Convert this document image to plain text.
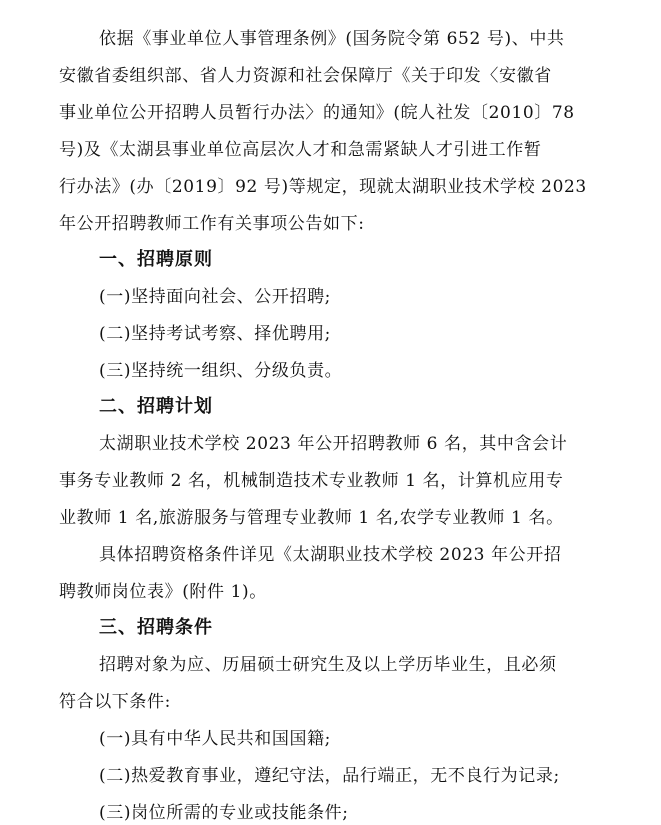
依据《事业单位人事管理条例》(国务院令第 652 号)、中共
安徽省委组织部、省人力资源和社会保障厅《关于印发〈安徽省
事业单位公开招聘人员暂行办法〉的通知》(皖人社发〔2010〕78
号)及《太湖县事业单位高层次人才和急需紧缺人才引进工作暂
行办法》(办〔2019〕92 号)等规定，现就太湖职业技术学校 2023
年公开招聘教师工作有关事项公告如下:
一、招聘原则
(一)坚持面向社会、公开招聘;
(二)坚持考试考察、择优聘用;
(三)坚持统一组织、分级负责。
二、招聘计划
太湖职业技术学校 2023 年公开招聘教师 6 名，其中含会计
事务专业教师 2 名，机械制造技术专业教师 1 名，计算机应用专
业教师 1 名,旅游服务与管理专业教师 1 名,农学专业教师 1 名。
具体招聘资格条件详见《太湖职业技术学校 2023 年公开招
聘教师岗位表》(附件 1)。
三、招聘条件
招聘对象为应、历届硕士研究生及以上学历毕业生，且必须
符合以下条件:
(一)具有中华人民共和国国籍;
(二)热爱教育事业，遵纪守法，品行端正，无不良行为记录;
(三)岗位所需的专业或技能条件;
